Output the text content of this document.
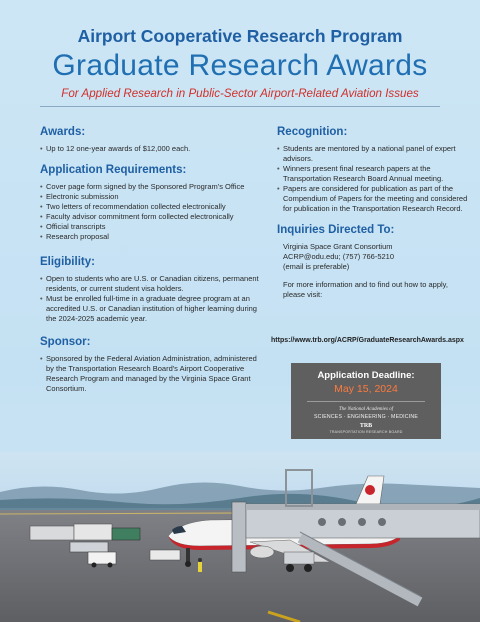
Airport Cooperative Research Program
Graduate Research Awards
For Applied Research in Public-Sector Airport-Related Aviation Issues
Awards:
• Up to 12 one-year awards of $12,000 each.
Application Requirements:
• Cover page form signed by the Sponsored Program's Office
• Electronic submission
• Two letters of recommendation collected electronically
• Faculty advisor commitment form collected electronically
• Official transcripts
• Research proposal
Eligibility:
• Open to students who are U.S. or Canadian citizens, permanent residents, or current student visa holders.
• Must be enrolled full-time in a graduate degree program at an accredited U.S. or Canadian institution of higher learning during the 2024-2025 academic year.
Sponsor:
• Sponsored by the Federal Aviation Administration, administered by the Transportation Research Board's Airport Cooperative Research Program and managed by the Virginia Space Grant Consortium.
Recognition:
• Students are mentored by a national panel of expert advisors.
• Winners present final research papers at the Transportation Research Board Annual meeting.
• Papers are considered for publication as part of the Compendium of Papers for the meeting and considered for publication in the Transportation Research Record.
Inquiries Directed To:
Virginia Space Grant Consortium
ACRP@odu.edu; (757) 766-5210
(email is preferable)
For more information and to find out how to apply, please visit:
https://www.trb.org/ACRP/GraduateResearchAwards.aspx
Application Deadline:
May 15, 2024
The National Academies of
SCIENCES · ENGINEERING · MEDICINE
TRB
TRANSPORTATION RESEARCH BOARD
